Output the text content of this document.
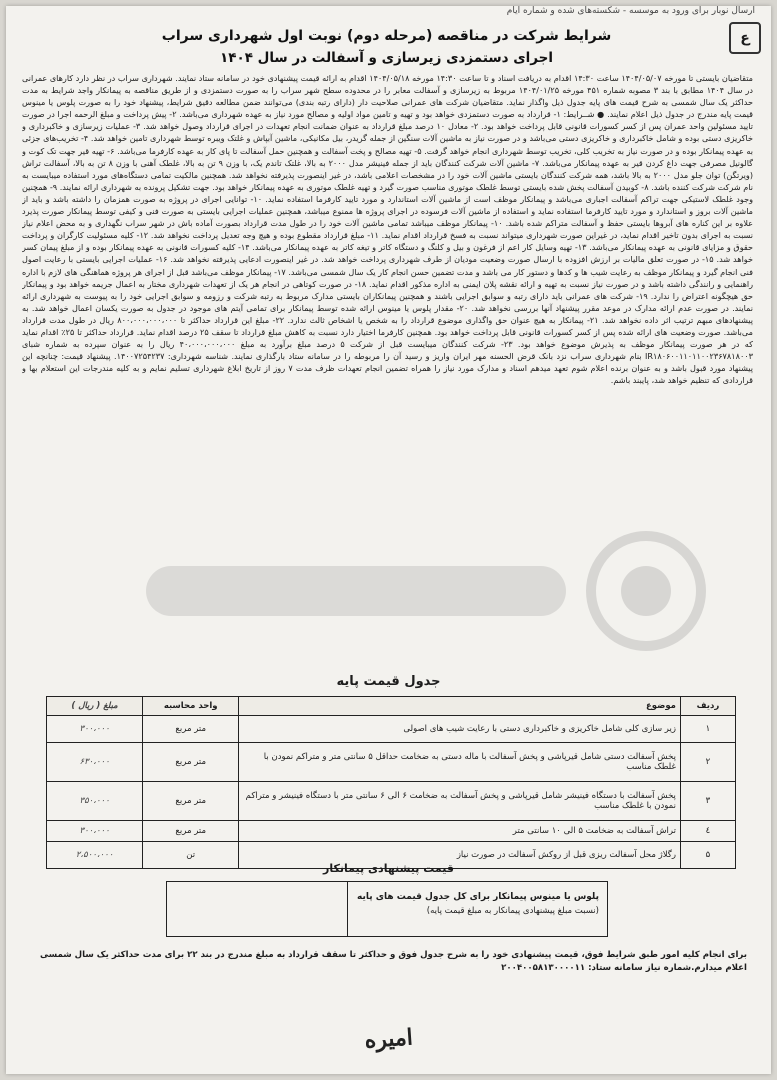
ارسال نوبار برای ورود به موسسه - شکسته‌های شده و شماره ایام
ع
شرایط شرکت در مناقصه (مرحله دوم) نوبت اول شهرداری سراب
اجرای دستمزدی زیرسازی و آسفالت در سال ۱۴۰۴

متقاضیان بایستی تا مورخه ۱۴۰۴/۰۵/۰۷ ساعت ۱۴:۳۰ اقدام به دریافت اسناد و تا ساعت ۱۴:۳۰ مورخه ۱۴۰۴/۰۵/۱۸ اقدام به ارائه قیمت پیشنهادی خود در سامانه ستاد نمایند. شهرداری سراب در نظر دارد کارهای عمرانی در سال ۱۴۰۴ مطابق با بند ۳ مصوبه شماره ۴۵۱ مورخه ۱۴۰۴/۰۱/۲۵ مربوط به زیرسازی و آسفالت معابر را در محدوده سطح شهر سراب را به صورت دستمزدی و از طریق مناقصه به پیمانکار واجد شرایط به مدت حداکثر یک سال شمسی به شرح قیمت های پایه جدول ذیل واگذار نماید. متقاضیان شرکت های عمرانی صلاحیت دار (دارای رتبه بندی) می‌توانند ضمن مطالعه دقیق شرایط، پیشنهاد خود را به صورت پلوس یا مینوس قیمت پایه مندرج در جدول ذیل اعلام نمایند. ● شــرایط: ۱- قرارداد به صورت دستمزدی خواهد بود و تهیه و تامین مواد اولیه و مصالح مورد نیاز به عهده شهرداری می‌باشد. ۲- پیش پرداخت و مبلغ الرحمه اجرا در صورت تایید مسئولین واحد عمران پس از کسر کسورات قانونی قابل پرداخت خواهد بود. ۲- معادل ۱۰ درصد مبلغ قرارداد به عنوان ضمانت انجام تعهدات در اجرای قرارداد وصول خواهد شد. ۳- عملیات زیرسازی و خاکبرداری و خاکریزی دستی بوده و شامل خاکبرداری و خاکریزی دستی می‌باشد و در صورت نیاز به ماشین آلات سنگین از جمله گریدر، بیل مکانیکی، ماشین آبپاش و غلتک ویبره توسط شهرداری تامین خواهد شد. ۴- تخریب‌های جزئی به عهده پیمانکار بوده و در صورت نیاز به تخریب کلی، تخریب توسط شهرداری انجام خواهد گرفت. ۵- تهیه مصالح و پخت آسفالت و همچنین حمل آسفالت تا پای کار به عهده کارفرما می‌باشد. ۶- تهیه قیر جهت تک کوت و گالونیل مصرفی جهت داغ کردن قیر به عهده پیمانکار می‌باشد. ۷- ماشین آلات شرکت کنندگان باید از جمله فینیشر مدل ۲۰۰۰ به بالا، غلتک تاندم یک، با وزن ۹ تن به بالا، غلطک آهنی با وزن ۸ تن به بالا، آسفالت تراش (ویرتگن) توان جلو مدل ۲۰۰۰ به بالا باشد، همه شرکت کنندگان بایستی ماشین آلات خود را در مشخصات اعلامی باشد، در غیر اینصورت پذیرفته نخواهد شد. همچنین مالکیت تمامی دستگاه‌های مورد استفاده میبایست به نام شرکت شرکت کننده باشد. ۸- کوبیدن آسفالت پخش شده بایستی توسط غلطک موتوری مناسب صورت گیرد و تهیه غلطک موتوری به عهده پیمانکار خواهد بود. جهت تشکیل پرونده به شهرداری ارائه نمایند. ۹- همچنین وجود غلطک لاستیکی جهت تراکم آسفالت اجباری می‌باشد و پیمانکار موظف است از ماشین آلات استاندارد و مورد تایید کارفرما استفاده نماید. ۱۰- توانایی اجرای در پروژه به صورت همزمان را داشته باشد و باید از ماشین آلات بروز و استاندارد و مورد تایید کارفرما استفاده نماید و استفاده از ماشین آلات فرسوده در اجرای پروژه ها ممنوع میباشد، همچنین عملیات اجرایی بایستی به صورت فنی و کیفی توسط پیمانکار صورت پذیرد علاوه بر این کناره های آبروها بایستی حفظ و آسفالت متراکم شده باشد. ۱۰- پیمانکار موظف میباشد تمامی ماشین آلات خود را در طول مدت قرارداد بصورت آماده باش در شهر سراب نگهداری و به محض اعلام نیاز نسبت به اجرای بدون تاخیر اقدام نماید، در غیراین صورت شهرداری میتواند نسبت به فسخ قرارداد اقدام نماید. ۱۱- مبلغ قرارداد مقطوع بوده و هیچ وجه تعدیل پرداخت نخواهد شد. ۱۲- کلیه مسئولیت کارگران و پرداخت حقوق و مزایای قانونی به عهده پیمانکار می‌باشد. ۱۳- تهیه وسایل کار اعم از فرغون و بیل و کلنگ و دستگاه کاتر و تیغه کاتر به عهده پیمانکار می‌باشد. ۱۴- کلیه کسورات قانونی به عهده پیمانکار بوده و از مبلغ پیمان کسر خواهد شد. ۱۵- در صورت تعلق مالیات بر ارزش افزوده با ارسال صورت وضعیت مودیان از طرف شهرداری پرداخت خواهد شد. در غیر اینصورت ادعایی پذیرفته نخواهد شد. ۱۶- عملیات اجرایی بایستی با رعایت اصول فنی انجام گیرد و پیمانکار موظف به رعایت شیب ها و کدها و دستور کار می باشد و مدت تضمین حسن انجام کار یک سال شمسی می‌باشد. ۱۷- پیمانکار موظف می‌باشد قبل از اجرای هر پروژه هماهنگی های لازم با اداره راهنمایی و رانندگی داشته باشد و در صورت نیاز نسبت به تهیه و ارائه نقشه پلان ایمنی به اداره مذکور اقدام نماید. ۱۸- در صورت کوتاهی در انجام هر یک از تعهدات شهرداری مختار به اعمال جریمه خواهد بود و پیمانکار حق هیچگونه اعتراض را ندارد. ۱۹- شرکت های عمرانی باید دارای رتبه و سوابق اجرایی باشند و همچنین پیمانکاران بایستی مدارک مربوط به رتبه شرکت و رزومه و سوابق اجرایی خود را به پیوست به شهرداری ارائه نمایند. در صورت عدم ارائه مدارک در موعد مقرر پیشنهاد آنها بررسی نخواهد شد. ۲۰- مقدار پلوس یا مینوس ارائه شده توسط پیمانکار برای تمامی آیتم های موجود در جدول به صورت یکسان اعمال خواهد شد. به پیشنهادهای مبهم ترتیب اثر داده نخواهد شد. ۲۱- پیمانکار به هیچ عنوان حق واگذاری موضوع قرارداد را به شخص یا اشخاص ثالث ندارد. ۲۲- مبلغ این قرارداد حداکثر تا ۸۰۰،۰۰۰،۰۰۰،۰۰۰ ریال در طول مدت قرارداد می‌باشد. صورت وضعیت های ارائه شده پس از کسر کسورات قانونی قابل پرداخت خواهد بود. همچنین کارفرما اختیار دارد نسبت به کاهش مبلغ قرارداد تا سقف ۲۵ درصد اقدام نماید. قرارداد حداکثر تا ۲۵٪ اقدام نماید که در هر صورت پیمانکار موظف به پذیرش موضوع خواهد بود. ۲۳- شرکت کنندگان میبایست قبل از شرکت ۵ درصد مبلغ برآورد به مبلغ ۴۰،۰۰۰،۰۰۰،۰۰۰ ریال را به عنوان سپرده به شماره شبای IR۱۸۰۶۰۰۱۱۰۱۱۰۰۲۳۶۷۸۱۸۰۰۳ بنام شهرداری سراب نزد بانک قرض الحسنه مهر ایران واریز و رسید آن را مربوطه را در سامانه ستاد بارگذاری نمایند. شناسه شهرداری: ۱۴۰۰۷۲۵۴۲۳۷. پیشنهاد قیمت: چنانچه این پیشنهاد مورد قبول باشد و به عنوان برنده اعلام شوم تعهد میدهم اسناد و مدارک مورد نیاز را همراه تضمین انجام تعهدات ظرف مدت ۷ روز از تاریخ ابلاغ شهرداری تسلیم نمایم و به کلیه مندرجات این استعلام بها و قراردادی که تنظیم خواهد شد، پایبند باشم.

جدول قیمت پایه
ردیف	موضوع	واحد محاسبه	مبلغ ( ریال )
۱	زیر سازی کلی شامل خاکریزی و خاکبرداری دستی با رعایت شیب های اصولی	متر مربع	۳۰۰،۰۰۰
۲	پخش آسفالت دستی شامل قیرپاشی و پخش آسفالت با ماله دستی به ضخامت حداقل ۵ سانتی متر و متراکم نمودن با غلطک مناسب	متر مربع	۶۳۰،۰۰۰
۳	پخش آسفالت با دستگاه فینیشر شامل قیرپاشی و پخش آسفالت به ضخامت ۶ الی ۶ سانتی متر با دستگاه فینیشر و متراکم نمودن با غلطک مناسب	متر مربع	۳۵۰،۰۰۰
٤	تراش آسفالت به ضخامت ۵ الی ۱۰ سانتی متر	متر مربع	۳۰۰،۰۰۰
۵	رگلاژ محل آسفالت ریزی قبل از روکش آسفالت در صورت نیاز	تن	۲،۵۰۰،۰۰۰
قیمت پیشنهادی پیمانکار
پلوس یا مینوس پیمانکار برای کل جدول قیمت های پایه
(نسبت مبلغ پیشنهادی پیمانکار به مبلغ قیمت پایه)
برای انجام کلیه امور طبق شرایط فوق، قیمت پیشنهادی خود را به شرح جدول فوق و حداکثر تا سقف قرارداد به مبلغ مندرج در بند ۲۲ برای مدت حداکثر یک سال شمسی اعلام میدارم.شماره نیاز سامانه ستاد: ۲۰۰۴۰۰۵۸۱۳۰۰۰۰۱۱
امیره
